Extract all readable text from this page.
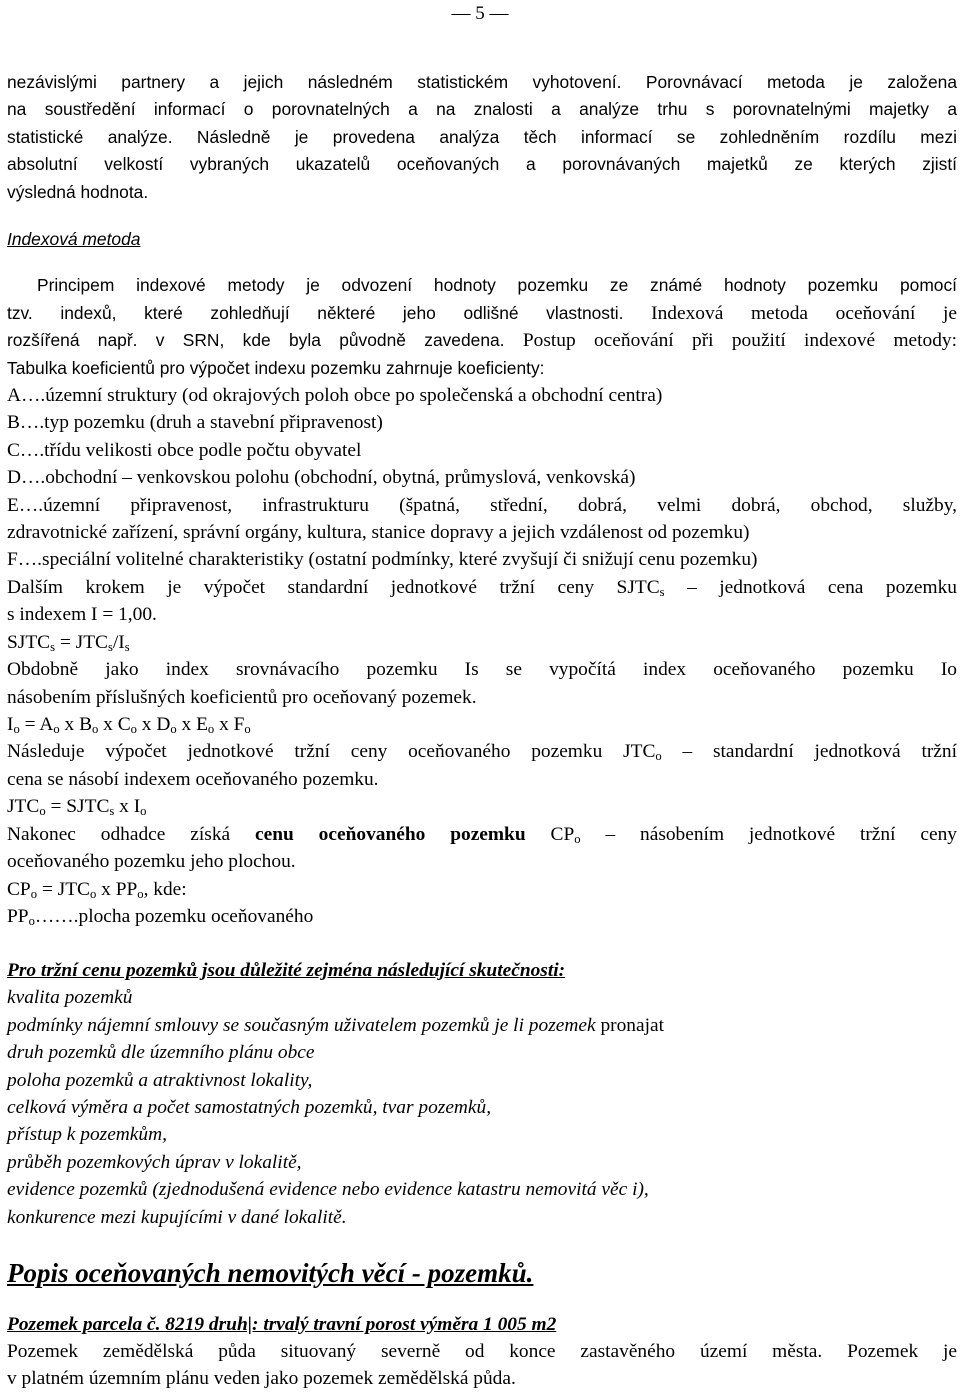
— 5 —
nezávislými partnery a jejich následném statistickém vyhotovení. Porovnávací metoda je založena
na soustředění informací o porovnatelných a na znalosti a analýze trhu s porovnatelnými majetky a
statistické analýze. Následně je provedena analýza těch informací se zohledněním rozdílu mezi
absolutní velkostí vybraných ukazatelů oceňovaných a porovnávaných majetků ze kterých zjistí
výsledná hodnota.
Indexová metoda
Principem indexové metody je odvození hodnoty pozemku ze známé hodnoty pozemku pomocí
tzv. indexů, které zohledňují některé jeho odlišné vlastnosti. Indexová metoda oceňování je
rozšířená např. v SRN, kde byla původně zavedena. Postup oceňování při použití indexové metody:
Tabulka koeficientů pro výpočet indexu pozemku zahrnuje koeficienty:
A….územní struktury (od okrajových poloh obce po společenská a obchodní centra)
B….typ pozemku (druh a stavební připravenost)
C….třídu velikosti obce podle počtu obyvatel
D….obchodní – venkovskou polohu (obchodní, obytná, průmyslová, venkovská)
E….územní připravenost, infrastrukturu (špatná, střední, dobrá, velmi dobrá, obchod, služby,
zdravotnické zařízení, správní orgány, kultura, stanice dopravy a jejich vzdálenost od pozemku)
F….speciální volitelné charakteristiky (ostatní podmínky, které zvyšují či snižují cenu pozemku)
Dalším krokem je výpočet standardní jednotkové tržní ceny $SJTC_s$ – jednotková cena pozemku
s indexem I = 1,00.
$SJTC_s = JTC_s/I_s$
Obdobně jako index srovnávacího pozemku Is se vypočítá index oceňovaného pozemku Io
násobením příslušných koeficientů pro oceňovaný pozemek.
$I_o = A_o$ x $B_o$ x $C_o$ x $D_o$ x $E_o$ x $F_o$
Následuje výpočet jednotkové tržní ceny oceňovaného pozemku $JTC_o$ – standardní jednotková tržní
cena se násobí indexem oceňovaného pozemku.
$JTC_o$ = $SJTC_s$ x $I_o$
Nakonec odhadce získá cenu oceňovaného pozemku $CP_o$ – násobením jednotkové tržní ceny
oceňovaného pozemku jeho plochou.
$CP_o = JTC_o$ x $PP_o$, kde:
$PP_o\dots\dots.plocha$ pozemku oceňovaného
Pro tržní cenu pozemků jsou důležité zejména následující skutečnosti:
kvalita pozemků
podmínky nájemní smlouvy se současným uživatelem pozemků je li pozemek pronajat
druh pozemků dle územního plánu obce
poloha pozemků a atraktivnost lokality,
celková výměra a počet samostatných pozemků, tvar pozemků,
přístup k pozemkům,
průběh pozemkových úprav v lokalitě,
evidence pozemků (zjednodušená evidence nebo evidence katastru nemovitá věc i),
konkurence mezi kupujícími v dané lokalitě.
Popis oceňovaných nemovitých věcí - pozemků.
Pozemek parcela č. 8219 druh|: trvalý travní porost výměra 1 005 m2
Pozemek zemědělská půda situovaný severně od konce zastavěného území města. Pozemek je
v platném územním plánu veden jako pozemek zemědělská půda.
